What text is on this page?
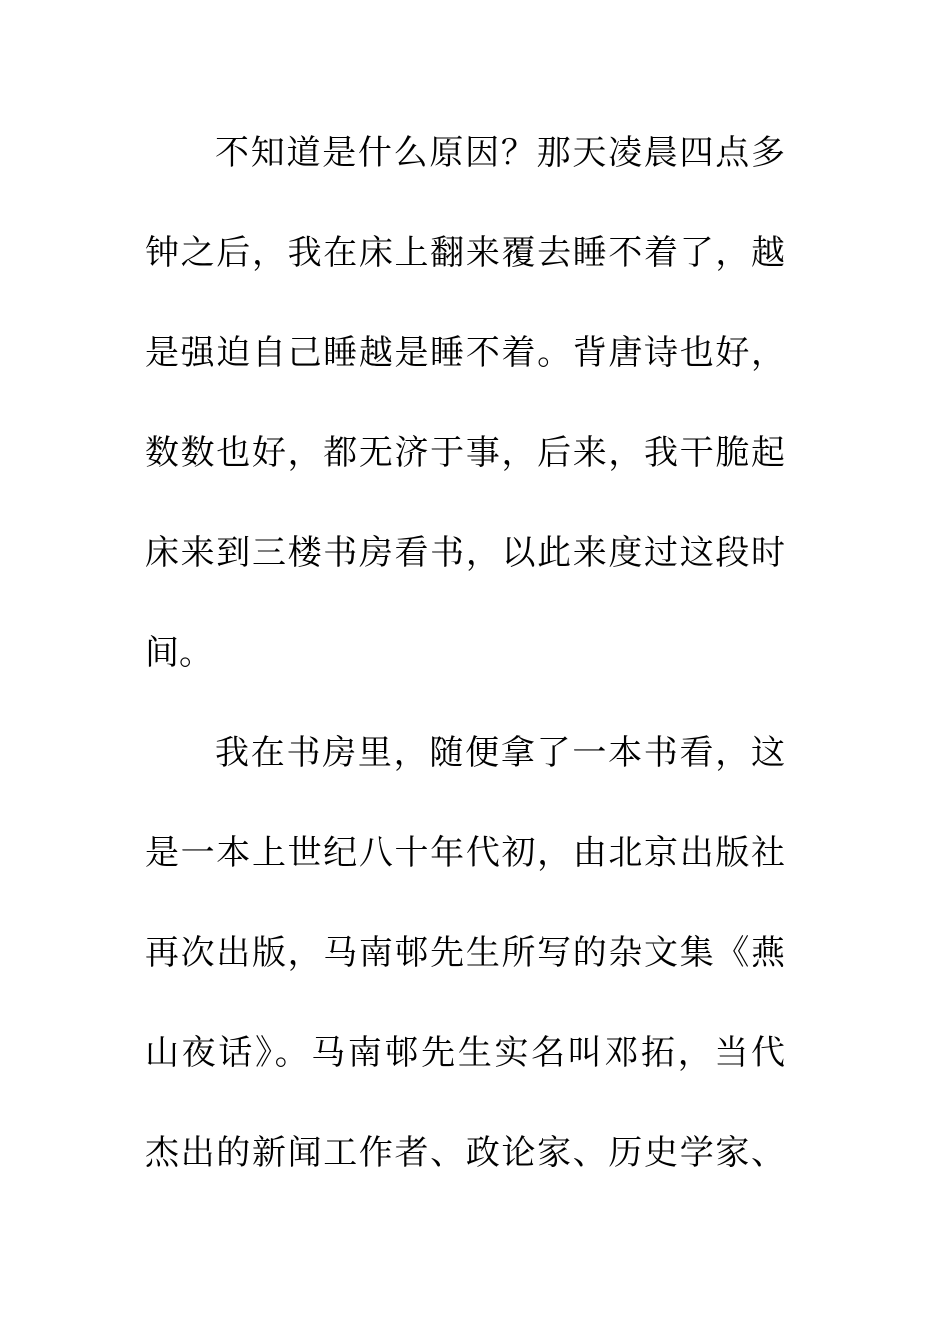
不知道是什么原因？那天凌晨四点多
钟之后，我在床上翻来覆去睡不着了，越
是强迫自己睡越是睡不着。背唐诗也好，
数数也好，都无济于事，后来，我干脆起
床来到三楼书房看书，以此来度过这段时
间。
我在书房里，随便拿了一本书看，这
是一本上世纪八十年代初，由北京出版社
再次出版，马南邨先生所写的杂文集《燕
山夜话》。马南邨先生实名叫邓拓，当代
杰出的新闻工作者、政论家、历史学家、
